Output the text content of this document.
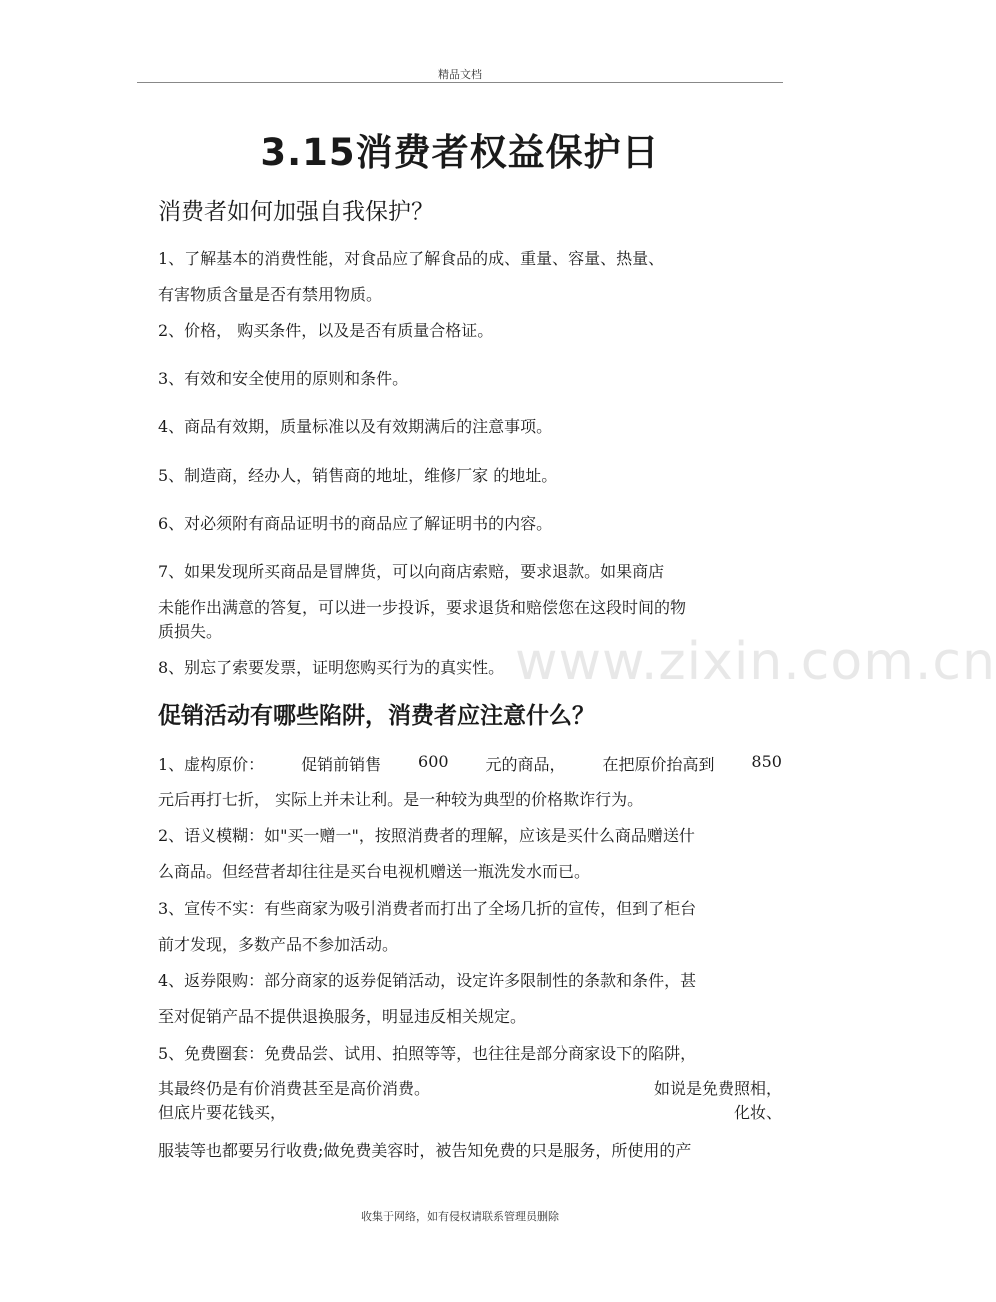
精品文档
3.15消费者权益保护日
消费者如何加强自我保护？
1、了解基本的消费性能，对食品应了解食品的成、重量、容量、热量、
有害物质含量是否有禁用物质。
2、价格， 购买条件，以及是否有质量合格证。
3、有效和安全使用的原则和条件。
4、商品有效期，质量标准以及有效期满后的注意事项。
5、制造商，经办人，销售商的地址，维修厂家 的地址。
6、对必须附有商品证明书的商品应了解证明书的内容。
7、如果发现所买商品是冒牌货，可以向商店索赔，要求退款。如果商店
未能作出满意的答复，可以进一步投诉，要求退货和赔偿您在这段时间的物
质损失。
8、别忘了索要发票，证明您购买行为的真实性。 www.zixin.com.cn
促销活动有哪些陷阱，消费者应注意什么？
1、虚构原价： 促销前销售 600 元的商品， 在把原价抬高到 850
元后再打七折， 实际上并未让利。是一种较为典型的价格欺诈行为。
2、语义模糊：如"买一赠一"，按照消费者的理解，应该是买什么商品赠送什
么商品。但经营者却往往是买台电视机赠送一瓶洗发水而已。
3、宣传不实：有些商家为吸引消费者而打出了全场几折的宣传，但到了柜台
前才发现，多数产品不参加活动。
4、返券限购：部分商家的返券促销活动，设定许多限制性的条款和条件，甚
至对促销产品不提供退换服务，明显违反相关规定。
5、免费圈套：免费品尝、试用、拍照等等，也往往是部分商家设下的陷阱，
其最终仍是有价消费甚至是高价消费。	如说是免费照相，
但底片要花钱买，	化妆、
服装等也都要另行收费;做免费美容时，被告知免费的只是服务，所使用的产
收集于网络，如有侵权请联系管理员删除
